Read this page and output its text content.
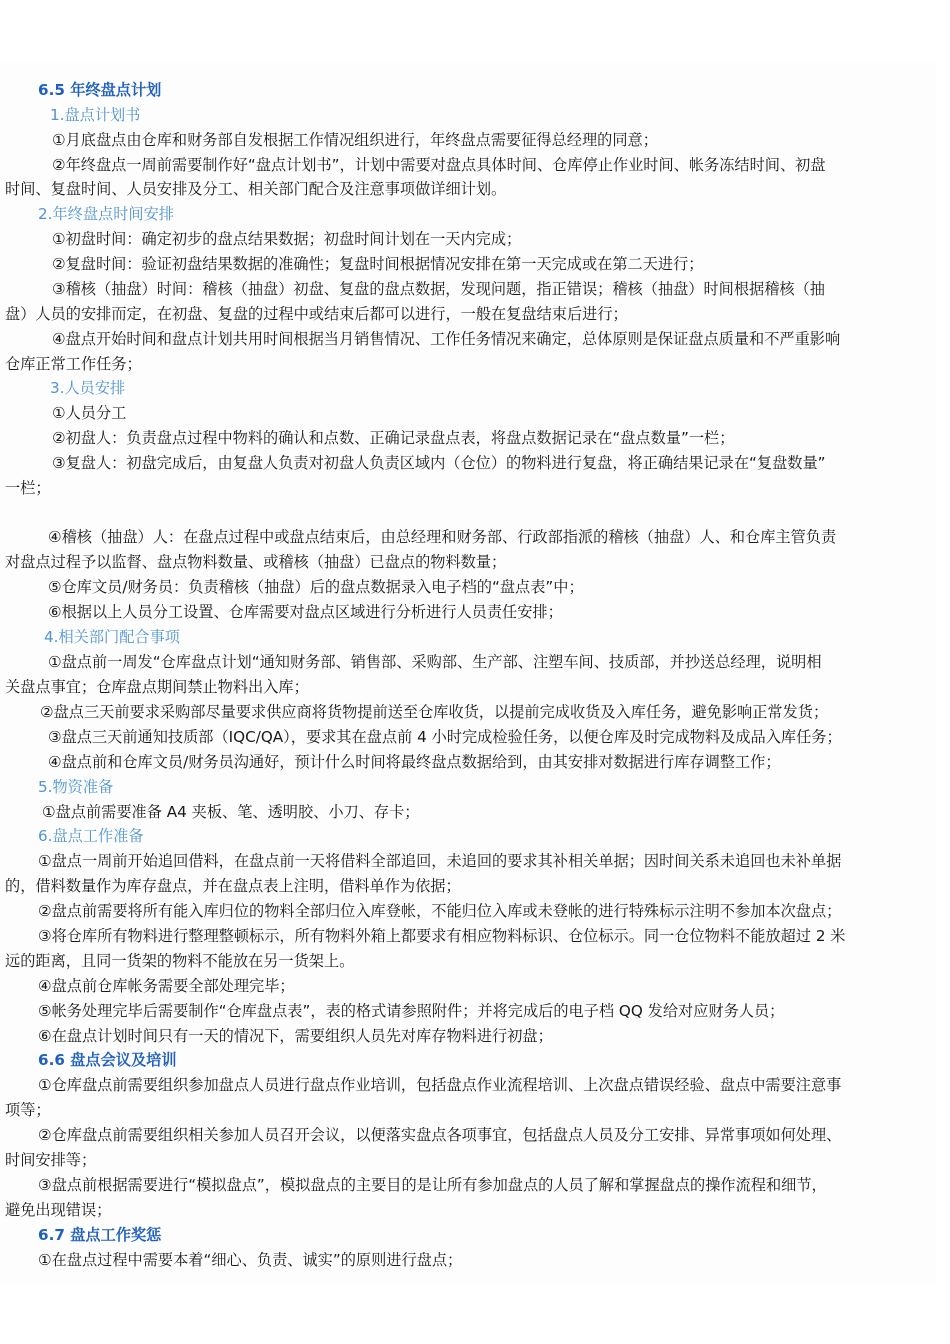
6.5 年终盘点计划
1.盘点计划书
①月底盘点由仓库和财务部自发根据工作情况组织进行，年终盘点需要征得总经理的同意；
②年终盘点一周前需要制作好“盘点计划书”，计划中需要对盘点具体时间、仓库停止作业时间、帐务冻结时间、初盘
时间、复盘时间、人员安排及分工、相关部门配合及注意事项做详细计划。
2.年终盘点时间安排
①初盘时间：确定初步的盘点结果数据；初盘时间计划在一天内完成；
②复盘时间：验证初盘结果数据的准确性；复盘时间根据情况安排在第一天完成或在第二天进行；
③稽核（抽盘）时间：稽核（抽盘）初盘、复盘的盘点数据，发现问题，指正错误；稽核（抽盘）时间根据稽核（抽
盘）人员的安排而定，在初盘、复盘的过程中或结束后都可以进行，一般在复盘结束后进行；
④盘点开始时间和盘点计划共用时间根据当月销售情况、工作任务情况来确定，总体原则是保证盘点质量和不严重影响
仓库正常工作任务；
3.人员安排
①人员分工
②初盘人：负责盘点过程中物料的确认和点数、正确记录盘点表，将盘点数据记录在“盘点数量”一栏；
③复盘人：初盘完成后，由复盘人负责对初盘人负责区域内（仓位）的物料进行复盘，将正确结果记录在“复盘数量”
一栏；
④稽核（抽盘）人：在盘点过程中或盘点结束后，由总经理和财务部、行政部指派的稽核（抽盘）人、和仓库主管负责
对盘点过程予以监督、盘点物料数量、或稽核（抽盘）已盘点的物料数量；
⑤仓库文员/财务员：负责稽核（抽盘）后的盘点数据录入电子档的“盘点表”中；
⑥根据以上人员分工设置、仓库需要对盘点区域进行分析进行人员责任安排；
4.相关部门配合事项
①盘点前一周发“仓库盘点计划“通知财务部、销售部、采购部、生产部、注塑车间、技质部，并抄送总经理，说明相
关盘点事宜；仓库盘点期间禁止物料出入库；
②盘点三天前要求采购部尽量要求供应商将货物提前送至仓库收货，以提前完成收货及入库任务，避免影响正常发货；
③盘点三天前通知技质部（IQC/QA），要求其在盘点前 4 小时完成检验任务，以便仓库及时完成物料及成品入库任务；
④盘点前和仓库文员/财务员沟通好，预计什么时间将最终盘点数据给到，由其安排对数据进行库存调整工作；
5.物资准备
①盘点前需要准备 A4 夹板、笔、透明胶、小刀、存卡；
6.盘点工作准备
①盘点一周前开始追回借料，在盘点前一天将借料全部追回，未追回的要求其补相关单据；因时间关系未追回也未补单据
的，借料数量作为库存盘点，并在盘点表上注明，借料单作为依据；
②盘点前需要将所有能入库归位的物料全部归位入库登帐，不能归位入库或未登帐的进行特殊标示注明不参加本次盘点；
③将仓库所有物料进行整理整顿标示，所有物料外箱上都要求有相应物料标识、仓位标示。同一仓位物料不能放超过 2 米
远的距离，且同一货架的物料不能放在另一货架上。
④盘点前仓库帐务需要全部处理完毕；
⑤帐务处理完毕后需要制作“仓库盘点表”，表的格式请参照附件；并将完成后的电子档 QQ 发给对应财务人员；
⑥在盘点计划时间只有一天的情况下，需要组织人员先对库存物料进行初盘；
6.6 盘点会议及培训
①仓库盘点前需要组织参加盘点人员进行盘点作业培训，包括盘点作业流程培训、上次盘点错误经验、盘点中需要注意事
项等；
②仓库盘点前需要组织相关参加人员召开会议，以便落实盘点各项事宜，包括盘点人员及分工安排、异常事项如何处理、
时间安排等；
③盘点前根据需要进行“模拟盘点”，模拟盘点的主要目的是让所有参加盘点的人员了解和掌握盘点的操作流程和细节，
避免出现错误；
6.7 盘点工作奖惩
①在盘点过程中需要本着“细心、负责、诚实”的原则进行盘点；
